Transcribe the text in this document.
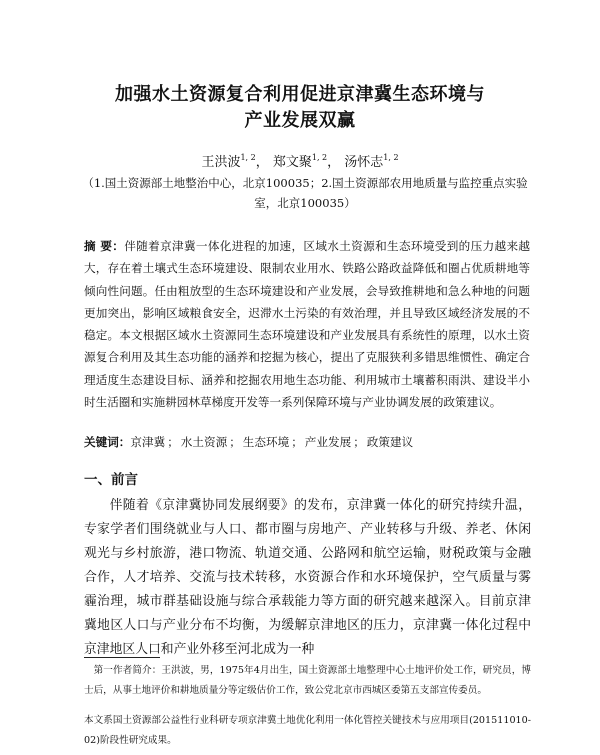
加强水土资源复合利用促进京津冀生态环境与
产业发展双赢
王洪波$^{1, 2}$， 郑文聚$^{1, 2}$， 汤怀志$^{1, 2}$
（1.国土资源部土地整治中心，北京100035；2.国土资源部农用地质量与监控重点实验
室，北京100035）
摘 要：伴随着京津冀一体化进程的加速，区域水土资源和生态环境受到的压力越来越大，存在着土壤式生态环境建设、限制农业用水、铁路公路政益降低和圈占优质耕地等倾向性问题。任由粗放型的生态环境建设和产业发展，会导致推耕地和急么种地的问题更加突出，影响区域粮食安全，迟滞水土污染的有效治理，并且导致区域经济发展的不稳定。本文根据区域水土资源同生态环境建设和产业发展具有系统性的原理，以水土资源复合利用及其生态功能的涵养和挖掘为核心，提出了克服狭利多错思维惯性、确定合理适度生态建设目标、涵养和挖掘农用地生态功能、利用城市土壤蓄积雨洪、建设半小时生活圈和实施耕园林草梯度开发等一系列保障环境与产业协调发展的政策建议。
关键词：京津冀 ； 水土资源 ； 生态环境 ； 产业发展 ； 政策建议
一、前言
伴随着《京津冀协同发展纲要》的发布，京津冀一体化的研究持续升温，专家学者们围绕就业与人口、都市圈与房地产、产业转移与升级、养老、休闲观光与乡村旅游，港口物流、轨道交通、公路网和航空运输，财税政策与金融合作，人才培养、交流与技术转移，水资源合作和水环境保护，空气质量与雾霾治理，城市群基础设施与综合承载能力等方面的研究越来越深入。目前京津冀地区人口与产业分布不均衡，为缓解京津地区的压力，京津冀一体化过程中京津地区人口和产业外移至河北成为一种
第一作者简介：王洪波，男，1975年4月出生，国土资源部土地整理中心土地评价处工作，研究员，博士后，从事土地评价和耕地质量分等定级估价工作，致公党北京市西城区委第五支部宣传委员。
本文系国土资源部公益性行业科研专项京津冀土地优化利用一体化管控关键技术与应用项目(201511010-02)阶段性研究成果。
